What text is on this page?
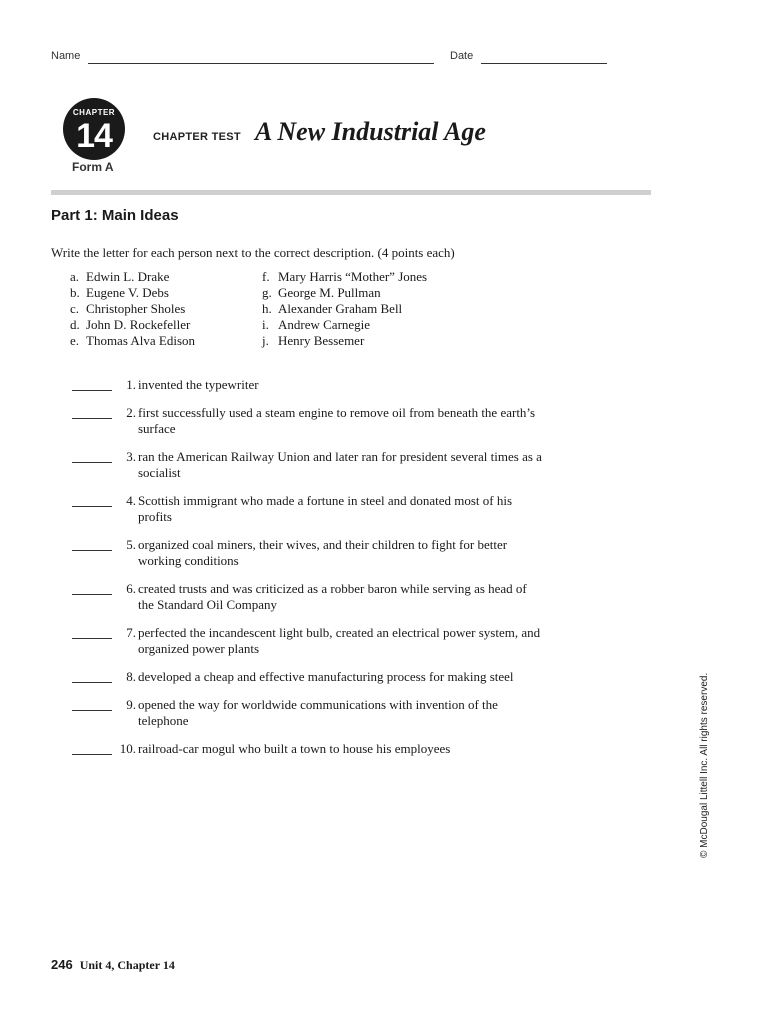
Name	Date
CHAPTER
14
Form A
CHAPTER TEST A New Industrial Age
Part 1: Main Ideas
Write the letter for each person next to the correct description. (4 points each)
a. Edwin L. Drake
b. Eugene V. Debs
c. Christopher Sholes
d. John D. Rockefeller
e. Thomas Alva Edison
f. Mary Harris “Mother” Jones
g. George M. Pullman
h. Alexander Graham Bell
i. Andrew Carnegie
j. Henry Bessemer
1. invented the typewriter
2. first successfully used a steam engine to remove oil from beneath the earth’s surface
3. ran the American Railway Union and later ran for president several times as a socialist
4. Scottish immigrant who made a fortune in steel and donated most of his profits
5. organized coal miners, their wives, and their children to fight for better working conditions
6. created trusts and was criticized as a robber baron while serving as head of the Standard Oil Company
7. perfected the incandescent light bulb, created an electrical power system, and organized power plants
8. developed a cheap and effective manufacturing process for making steel
9. opened the way for worldwide communications with invention of the telephone
10. railroad-car mogul who built a town to house his employees	© McDougal Littell Inc. All rights reserved.
246 Unit 4, Chapter 14
